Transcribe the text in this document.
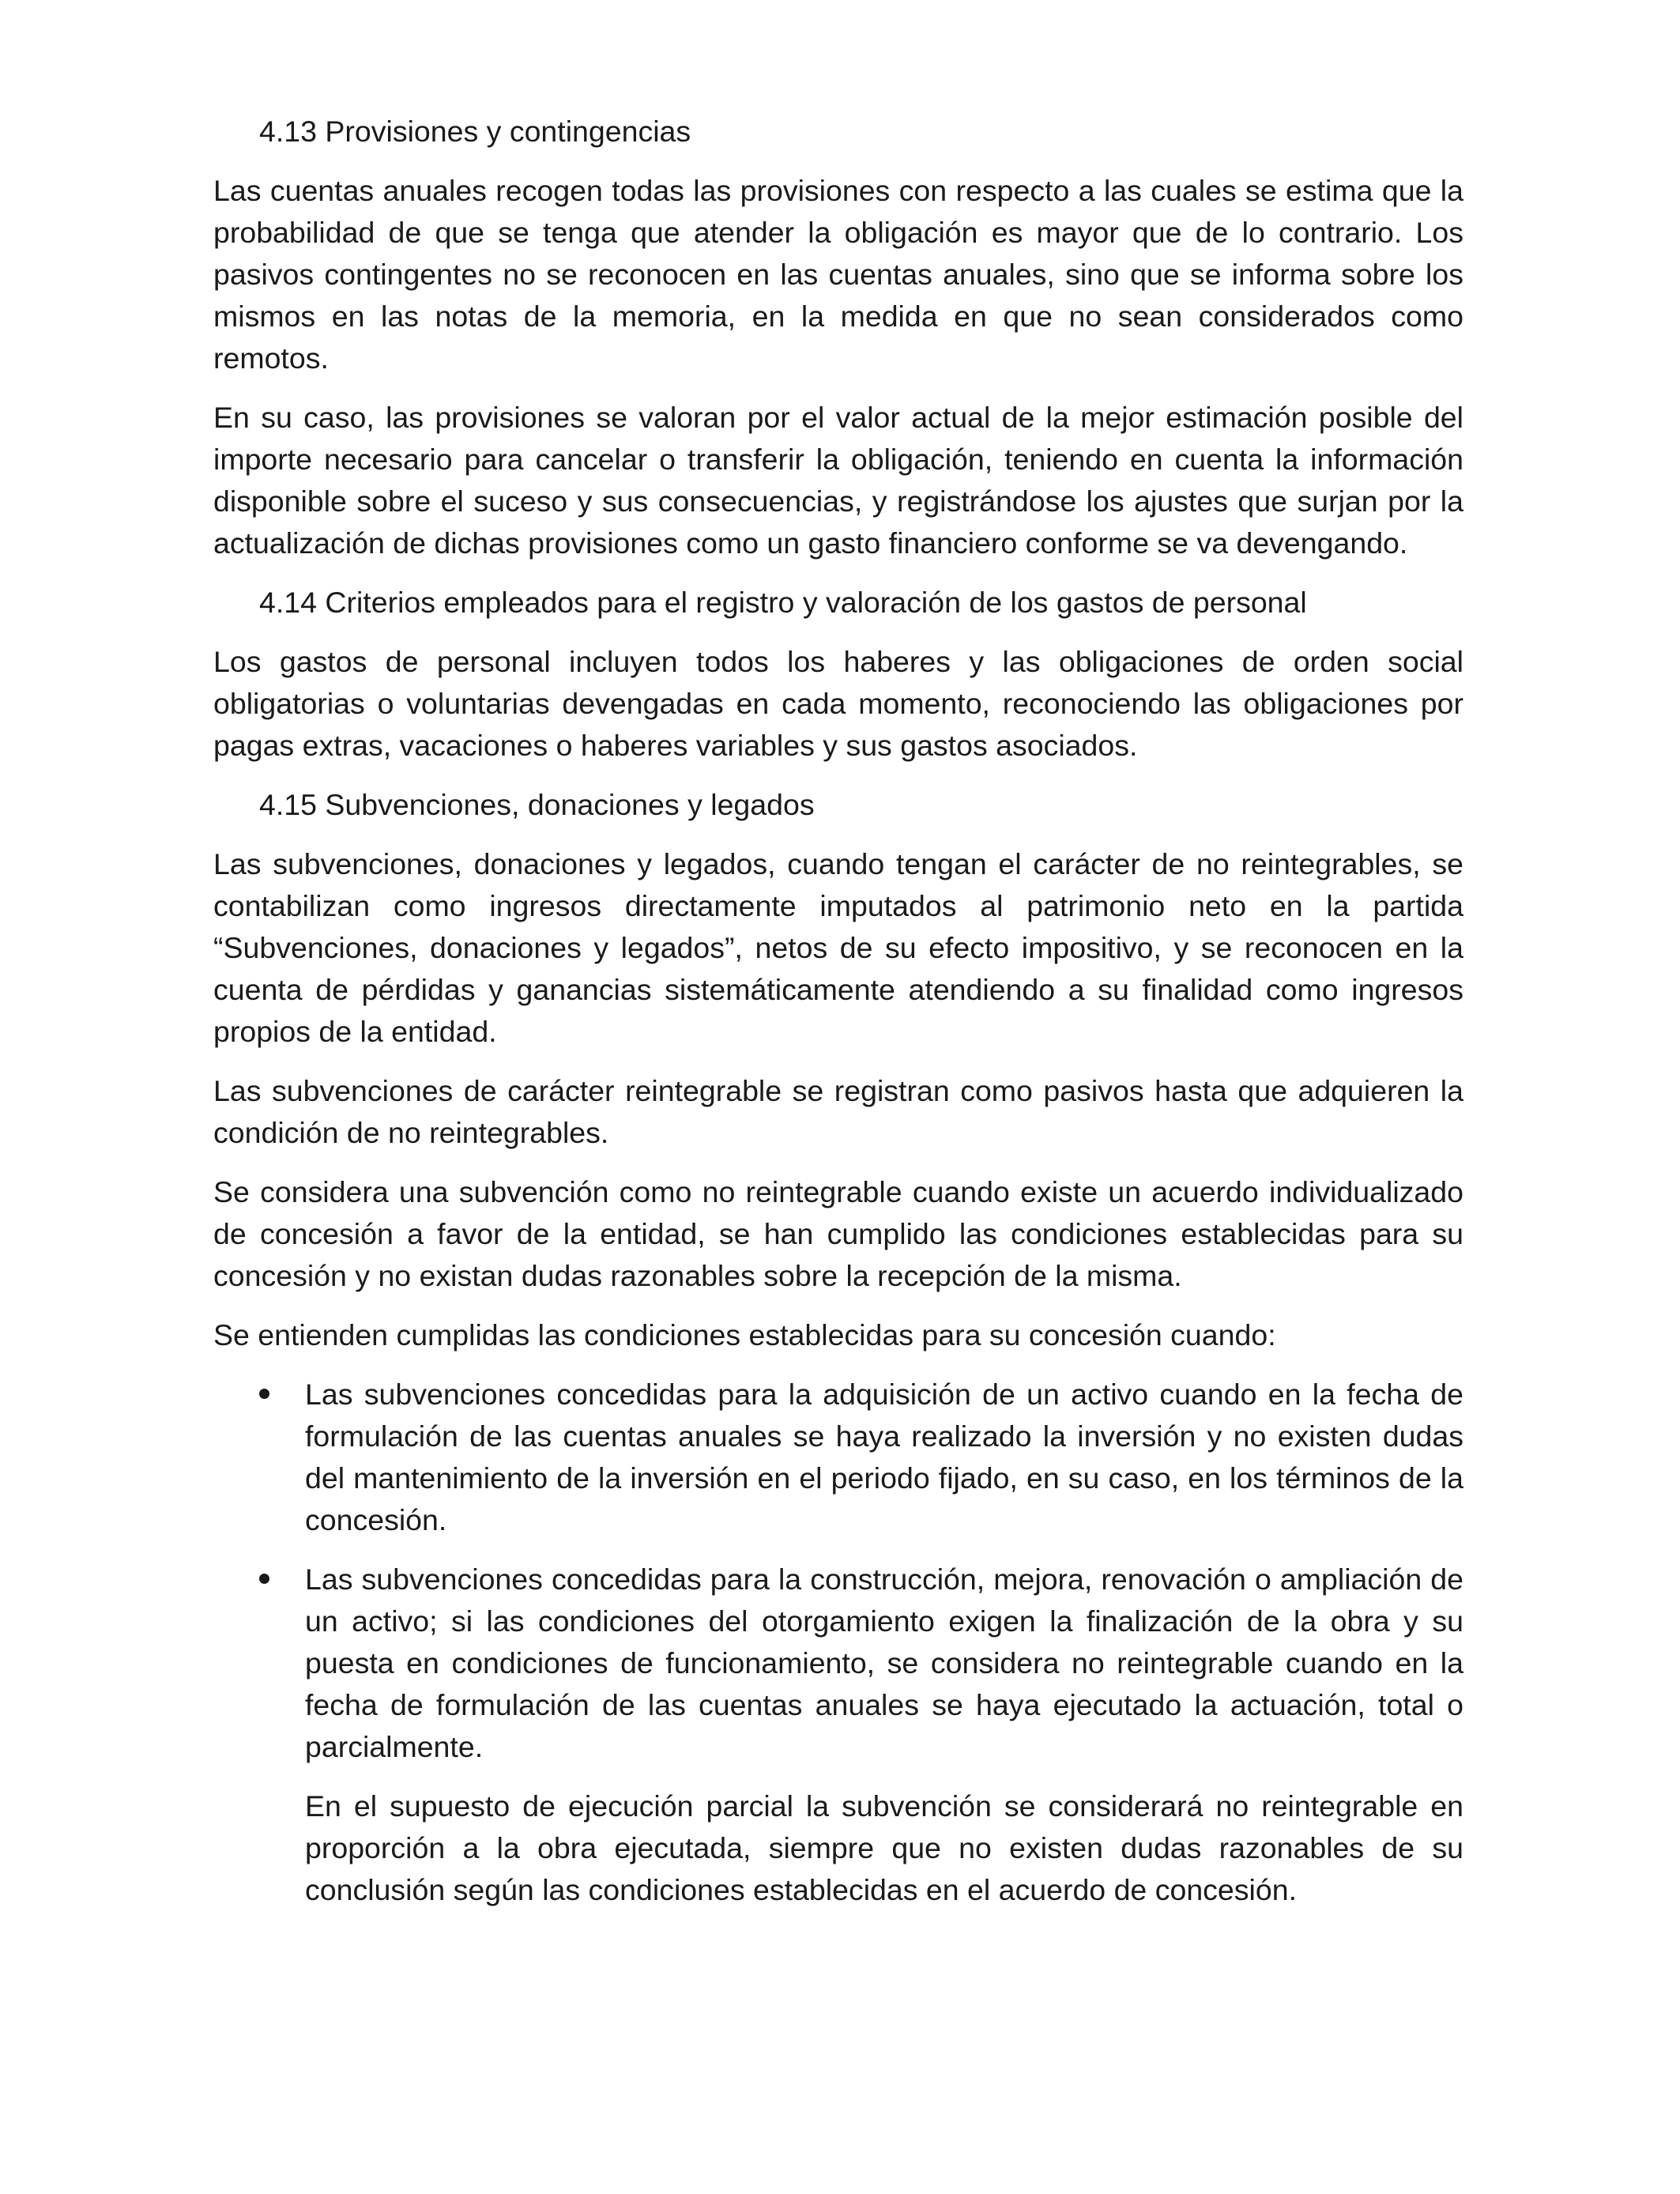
4.13 Provisiones y contingencias

Las cuentas anuales recogen todas las provisiones con respecto a las cuales se estima que la probabilidad de que se tenga que atender la obligación es mayor que de lo contrario. Los pasivos contingentes no se reconocen en las cuentas anuales, sino que se informa sobre los mismos en las notas de la memoria, en la medida en que no sean considerados como remotos.

En su caso, las provisiones se valoran por el valor actual de la mejor estimación posible del importe necesario para cancelar o transferir la obligación, teniendo en cuenta la información disponible sobre el suceso y sus consecuencias, y registrándose los ajustes que surjan por la actualización de dichas provisiones como un gasto financiero conforme se va devengando.

4.14 Criterios empleados para el registro y valoración de los gastos de personal

Los gastos de personal incluyen todos los haberes y las obligaciones de orden social obligatorias o voluntarias devengadas en cada momento, reconociendo las obligaciones por pagas extras, vacaciones o haberes variables y sus gastos asociados.

4.15 Subvenciones, donaciones y legados

Las subvenciones, donaciones y legados, cuando tengan el carácter de no reintegrables, se contabilizan como ingresos directamente imputados al patrimonio neto en la partida “Subvenciones, donaciones y legados”, netos de su efecto impositivo, y se reconocen en la cuenta de pérdidas y ganancias sistemáticamente atendiendo a su finalidad como ingresos propios de la entidad.

Las subvenciones de carácter reintegrable se registran como pasivos hasta que adquieren la condición de no reintegrables.

Se considera una subvención como no reintegrable cuando existe un acuerdo individualizado de concesión a favor de la entidad, se han cumplido las condiciones establecidas para su concesión y no existan dudas razonables sobre la recepción de la misma.

Se entienden cumplidas las condiciones establecidas para su concesión cuando:

Las subvenciones concedidas para la adquisición de un activo cuando en la fecha de formulación de las cuentas anuales se haya realizado la inversión y no existen dudas del mantenimiento de la inversión en el periodo fijado, en su caso, en los términos de la concesión.

Las subvenciones concedidas para la construcción, mejora, renovación o ampliación de un activo; si las condiciones del otorgamiento exigen la finalización de la obra y su puesta en condiciones de funcionamiento, se considera no reintegrable cuando en la fecha de formulación de las cuentas anuales se haya ejecutado la actuación, total o parcialmente.

En el supuesto de ejecución parcial la subvención se considerará no reintegrable en proporción a la obra ejecutada, siempre que no existen dudas razonables de su conclusión según las condiciones establecidas en el acuerdo de concesión.
